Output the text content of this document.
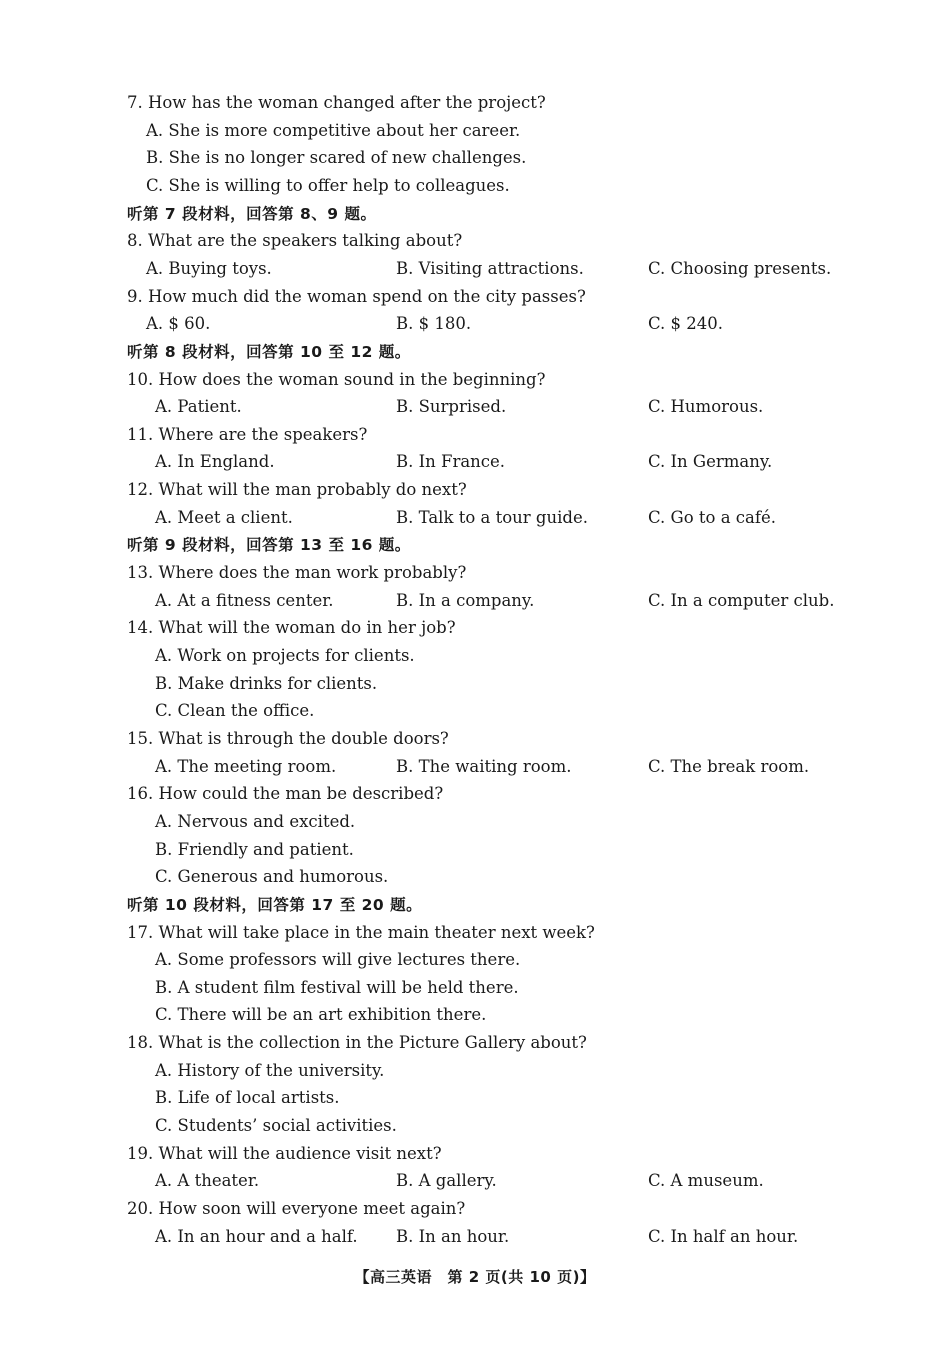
7. How has the woman changed after the project?
A. She is more competitive about her career.
B. She is no longer scared of new challenges.
C. She is willing to offer help to colleagues.
听第 7 段材料，回答第 8、9 题。
8. What are the speakers talking about?
A. Buying toys.	B. Visiting attractions.	C. Choosing presents.
9. How much did the woman spend on the city passes?
A. $ 60.	B. $ 180.	C. $ 240.
听第 8 段材料，回答第 10 至 12 题。
10. How does the woman sound in the beginning?
A. Patient.	B. Surprised.	C. Humorous.
11. Where are the speakers?
A. In England.	B. In France.	C. In Germany.
12. What will the man probably do next?
A. Meet a client.	B. Talk to a tour guide.	C. Go to a café.
听第 9 段材料，回答第 13 至 16 题。
13. Where does the man work probably?
A. At a fitness center.	B. In a company.	C. In a computer club.
14. What will the woman do in her job?
A. Work on projects for clients.
B. Make drinks for clients.
C. Clean the office.
15. What is through the double doors?
A. The meeting room.	B. The waiting room.	C. The break room.
16. How could the man be described?
A. Nervous and excited.
B. Friendly and patient.
C. Generous and humorous.
听第 10 段材料，回答第 17 至 20 题。
17. What will take place in the main theater next week?
A. Some professors will give lectures there.
B. A student film festival will be held there.
C. There will be an art exhibition there.
18. What is the collection in the Picture Gallery about?
A. History of the university.
B. Life of local artists.
C. Students’ social activities.
19. What will the audience visit next?
A. A theater.	B. A gallery.	C. A museum.
20. How soon will everyone meet again?
A. In an hour and a half. B. In an hour.	C. In half an hour.
【高三英语　第 2 页(共 10 页)】
